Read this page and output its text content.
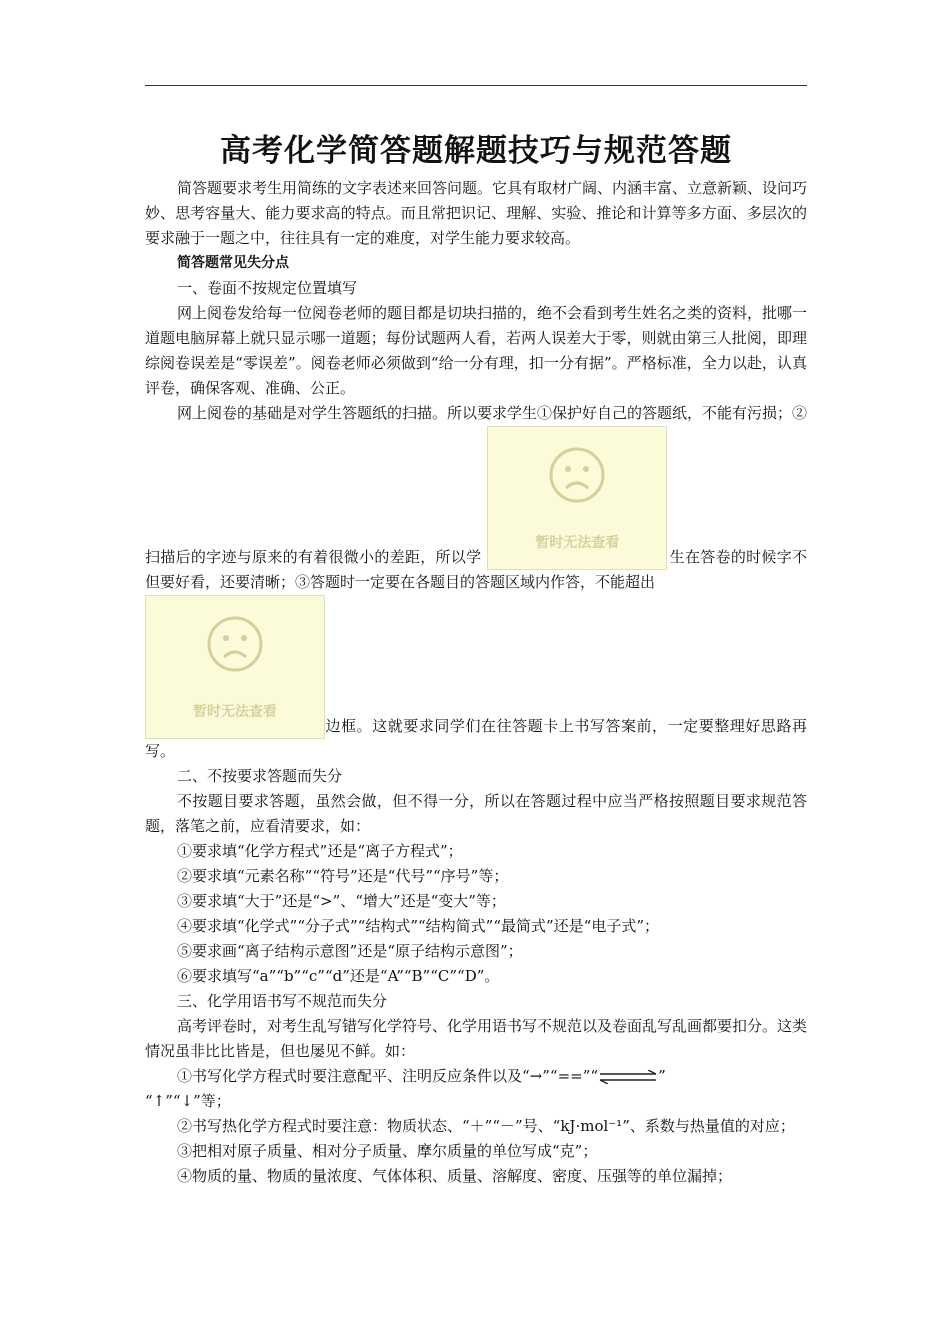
高考化学简答题解题技巧与规范答题

简答题要求考生用简练的文字表述来回答问题。它具有取材广阔、内涵丰富、立意新颖、设问巧妙、思考容量大、能力要求高的特点。而且常把识记、理解、实验、推论和计算等多方面、多层次的要求融于一题之中，往往具有一定的难度，对学生能力要求较高。

简答题常见失分点

一、卷面不按规定位置填写

网上阅卷发给每一位阅卷老师的题目都是切块扫描的，绝不会看到考生姓名之类的资料，批哪一道题电脑屏幕上就只显示哪一道题；每份试题两人看，若两人误差大于零，则就由第三人批阅，即理综阅卷误差是“零误差”。阅卷老师必须做到“给一分有理，扣一分有据”。严格标准，全力以赴，认真评卷，确保客观、准确、公正。

网上阅卷的基础是对学生答题纸的扫描。所以要求学生①保护好自己的答题纸，不能有污损；②扫描后的字迹与原来的有着很微小的差距，所以学
暂时无法查看
生在答卷的时候字不但要好看，还要清晰；③答题时一定要在各题目的答题区域内作答，不能超出

暂时无法查看
边框。这就要求同学们在往答题卡上书写答案前，一定要整理好思路再写。

二、不按要求答题而失分

不按题目要求答题，虽然会做，但不得一分，所以在答题过程中应当严格按照题目要求规范答题，落笔之前，应看清要求，如：

①要求填“化学方程式”还是“离子方程式”；

②要求填“元素名称”“符号”还是“代号”“序号”等；

③要求填“大于”还是“>”、“增大”还是“变大”等；

④要求填“化学式”“分子式”“结构式”“结构简式”“最简式”还是“电子式”；

⑤要求画“离子结构示意图”还是“原子结构示意图”；

⑥要求填写“a”“b”“c”“d”还是“A”“B”“C”“D”。

三、化学用语书写不规范而失分

高考评卷时，对考生乱写错写化学符号、化学用语书写不规范以及卷面乱写乱画都要扣分。这类情况虽非比比皆是，但也屡见不鲜。如：

①书写化学方程式时要注意配平、注明反应条件以及“→”“==”“⇌”

“↑”“↓”等；

②书写热化学方程式时要注意：物质状态、“＋”“－”号、“kJ·mol⁻¹”、系数与热量值的对应；

③把相对原子质量、相对分子质量、摩尔质量的单位写成“克”；

④物质的量、物质的量浓度、气体体积、质量、溶解度、密度、压强等的单位漏掉；
